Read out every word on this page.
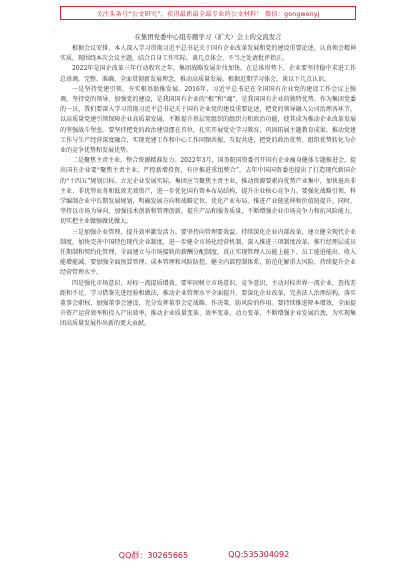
关注头条号“公文研究”，获得最新最全最专业的公文材料！ 微信：gongwenyj

在集团党委中心组专题学习（扩大）会上的交流发言

根据会议安排，本人深入学习贯彻习近平总书记关于国有企业改革发展和党的建设重要论述，认真领会精神实质，现围绕本次会议主题，结合自身工作实际，谈几点体会，不当之处请批评指正。

2022年是国企改革三年行动收官之年，集团战略发展步伐加快，在总体形势下，企业要坚持稳中求进工作总基调，完整、准确、全面贯彻新发展理念，推动高质量发展。根据近期学习体会，谈以下几点认识。

一是坚持党建引领，夯实根基助推发展。2016年，习近平总书记在全国国有企业党的建设工作会议上强调，坚持党的领导、加强党的建设，是我国国有企业的“根”和“魂”，是我国国有企业的独特优势。作为集团党委的一员，我们要深入学习贯彻习近平总书记关于国有企业党的建设重要论述，把党的领导融入公司治理各环节，以高质量党建引领保障企业高质量发展，不断提升基层党组织的组织力和政治功能，使其成为推动企业改革发展的坚强战斗堡垒。要坚持把党的政治建设摆在首位，扎实开展党史学习教育，巩固拓展主题教育成果，推动党建工作与生产经营深度融合，实现党建工作和中心工作同频共振、互促共进，把党的政治优势、组织优势转化为企业的竞争优势和发展优势。

二是聚焦主责主业，整合资源精准发力。2022年3月，国务院国资委召开国有企业瘦身健体专题推进会，提出国有企业要“聚焦主责主业，严控新增投资，有序推进重组整合”。去年中国国资委也提出了打造现代新国企的“十四五”规划目标。立足企业发展实际，集团应当聚焦主责主业，推动资源要素向优势产业集中，加快退出非主业、非优势业务和低效无效资产，进一步优化国有资本布局结构，提升企业核心竞争力。要强化战略引领，科学编制企业中长期发展规划，明确发展方向和战略定位，优化产业布局，推进产业链延伸和价值链提升。同时，坚持以市场为导向，加强技术创新和管理创新，提升产品和服务质量，不断增强企业市场竞争力和抗风险能力，切实把主业做强做优做大。

三是加强企业管理，提升效率激发活力。要坚持向管理要效益，持续深化企业内部改革，建立健全现代企业制度，加快完善中国特色现代企业制度，进一步健全市场化经营机制，深入推进三项制度改革，推行经理层成员任期制和契约化管理，全面建立与市场接轨的薪酬分配制度，真正实现管理人员能上能下、员工能进能出、收入能增能减。要加强全面预算管理、成本管理和风险防控，健全内部控制体系，防范化解重大风险，持续提升企业经营管理水平。

四是强化市场意识，对标一流提质增效。要牢固树立市场意识、竞争意识，主动对标世界一流企业，查找差距和不足，学习借鉴先进经验和做法，推动企业管理水平全面提升。要深化企业改革，完善法人治理结构，落实董事会职权，加强董事会建设，充分发挥董事会定战略、作决策、防风险的作用。要持续推进降本增效，全面提升资产运营效率和投入产出效率，推动企业质量变革、效率变革、动力变革，不断增强企业发展后劲，为实现集团高质量发展作出新的更大贡献。

QQ群：30265665	QQ:535304092
